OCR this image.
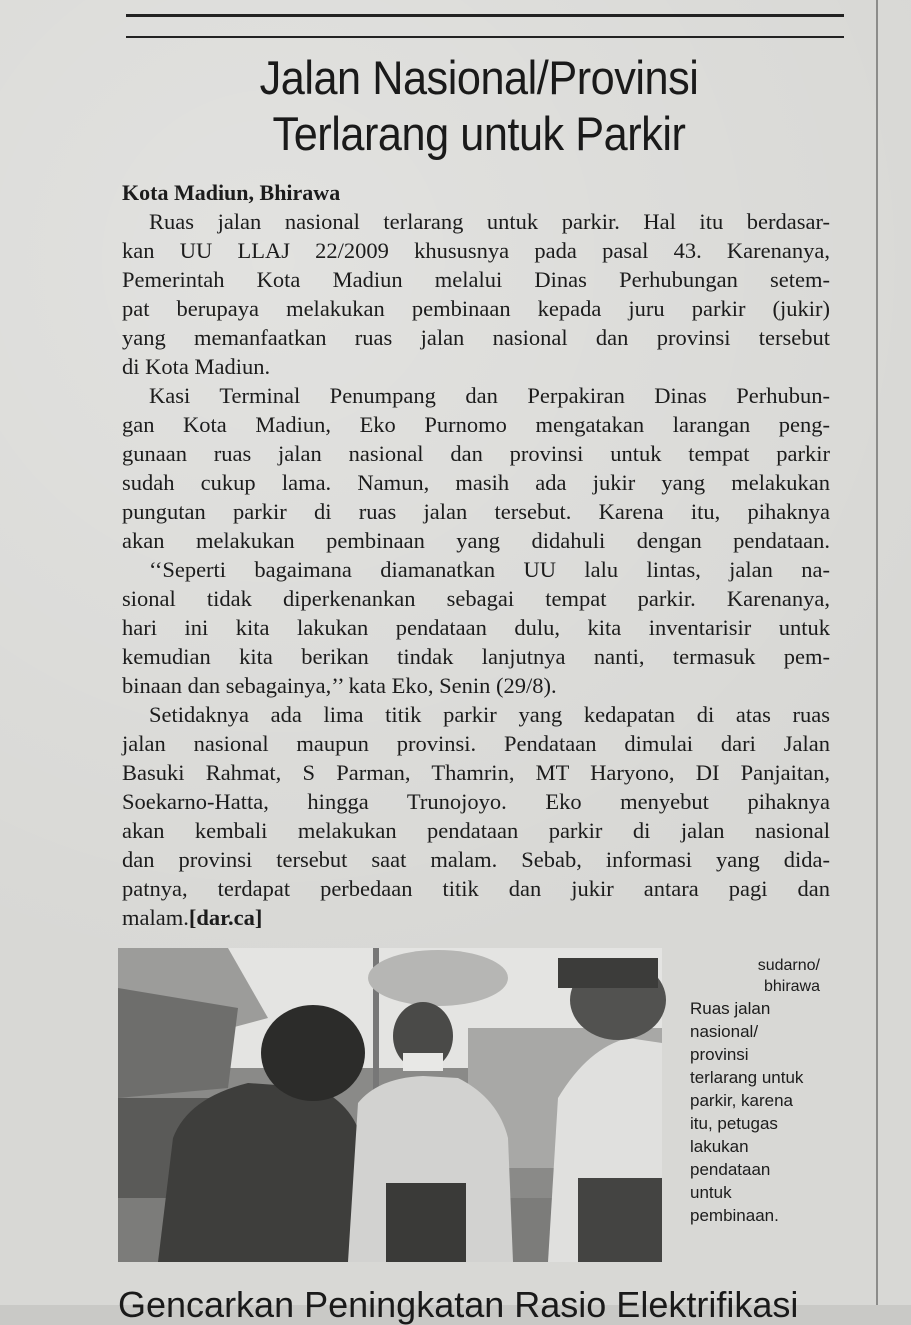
Jalan Nasional/Provinsi
Terlarang untuk Parkir
Kota Madiun, Bhirawa
Ruas jalan nasional terlarang untuk parkir. Hal itu berdasar-
kan UU LLAJ 22/2009 khususnya pada pasal 43. Karenanya,
Pemerintah Kota Madiun melalui Dinas Perhubungan setem-
pat berupaya melakukan pembinaan kepada juru parkir (jukir)
yang memanfaatkan ruas jalan nasional dan provinsi tersebut
di Kota Madiun.
Kasi Terminal Penumpang dan Perpakiran Dinas Perhubun-
gan Kota Madiun, Eko Purnomo mengatakan larangan peng-
gunaan ruas jalan nasional dan provinsi untuk tempat parkir
sudah cukup lama. Namun, masih ada jukir yang melakukan
pungutan parkir di ruas jalan tersebut. Karena itu, pihaknya
akan melakukan pembinaan yang didahuli dengan pendataan.
‘‘Seperti bagaimana diamanatkan UU lalu lintas, jalan na-
sional tidak diperkenankan sebagai tempat parkir. Karenanya,
hari ini kita lakukan pendataan dulu, kita inventarisir untuk
kemudian kita berikan tindak lanjutnya nanti, termasuk pem-
binaan dan sebagainya,’’ kata Eko, Senin (29/8).
Setidaknya ada lima titik parkir yang kedapatan di atas ruas
jalan nasional maupun provinsi. Pendataan dimulai dari Jalan
Basuki Rahmat, S Parman, Thamrin, MT Haryono, DI Panjaitan,
Soekarno-Hatta, hingga Trunojoyo. Eko menyebut pihaknya
akan kembali melakukan pendataan parkir di jalan nasional
dan provinsi tersebut saat malam. Sebab, informasi yang dida-
patnya, terdapat perbedaan titik dan jukir antara pagi dan
malam.[dar.ca]
sudarno/
bhirawa
Ruas jalan
nasional/
provinsi
terlarang untuk
parkir, karena
itu, petugas
lakukan
pendataan
untuk
pembinaan.
Gencarkan Peningkatan Rasio Elektrifikasi
